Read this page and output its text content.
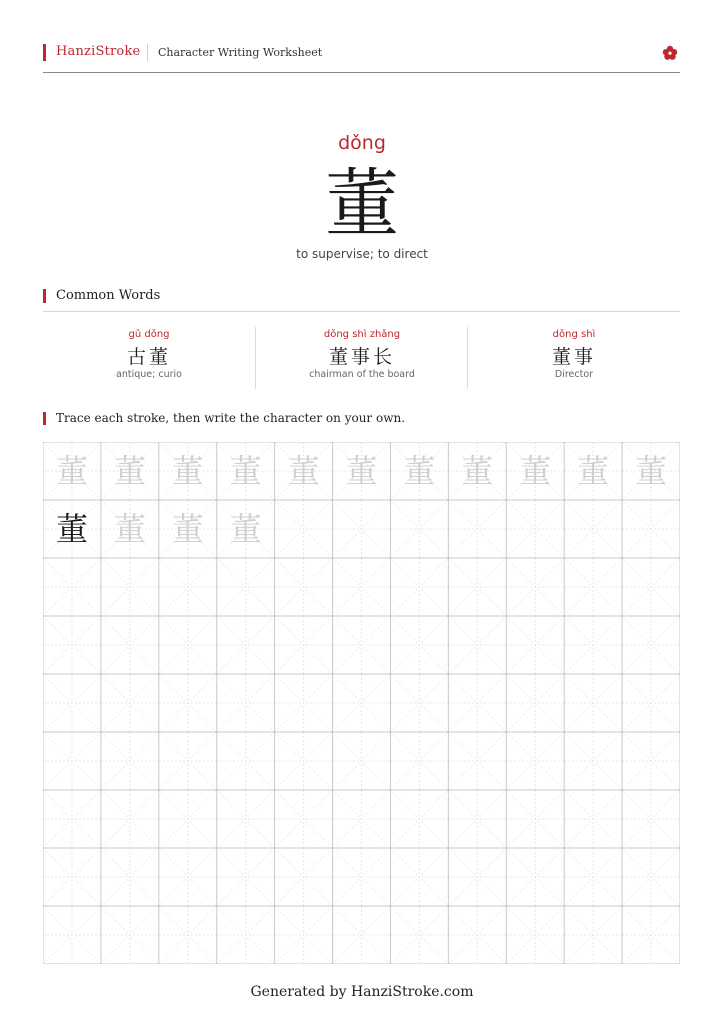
HanziStroke Character Writing Worksheet
dǒng
董
to supervise; to direct
Common Words
gǔ dǒng
古董
antique; curio
dǒng shì zhǎng
董事长
chairman of the board
dǒng shì
董事
Director
Trace each stroke, then write the character on your own.
董 董 董 董 董 董 董 董 董 董 董
董 董 董 董
Generated by HanziStroke.com
